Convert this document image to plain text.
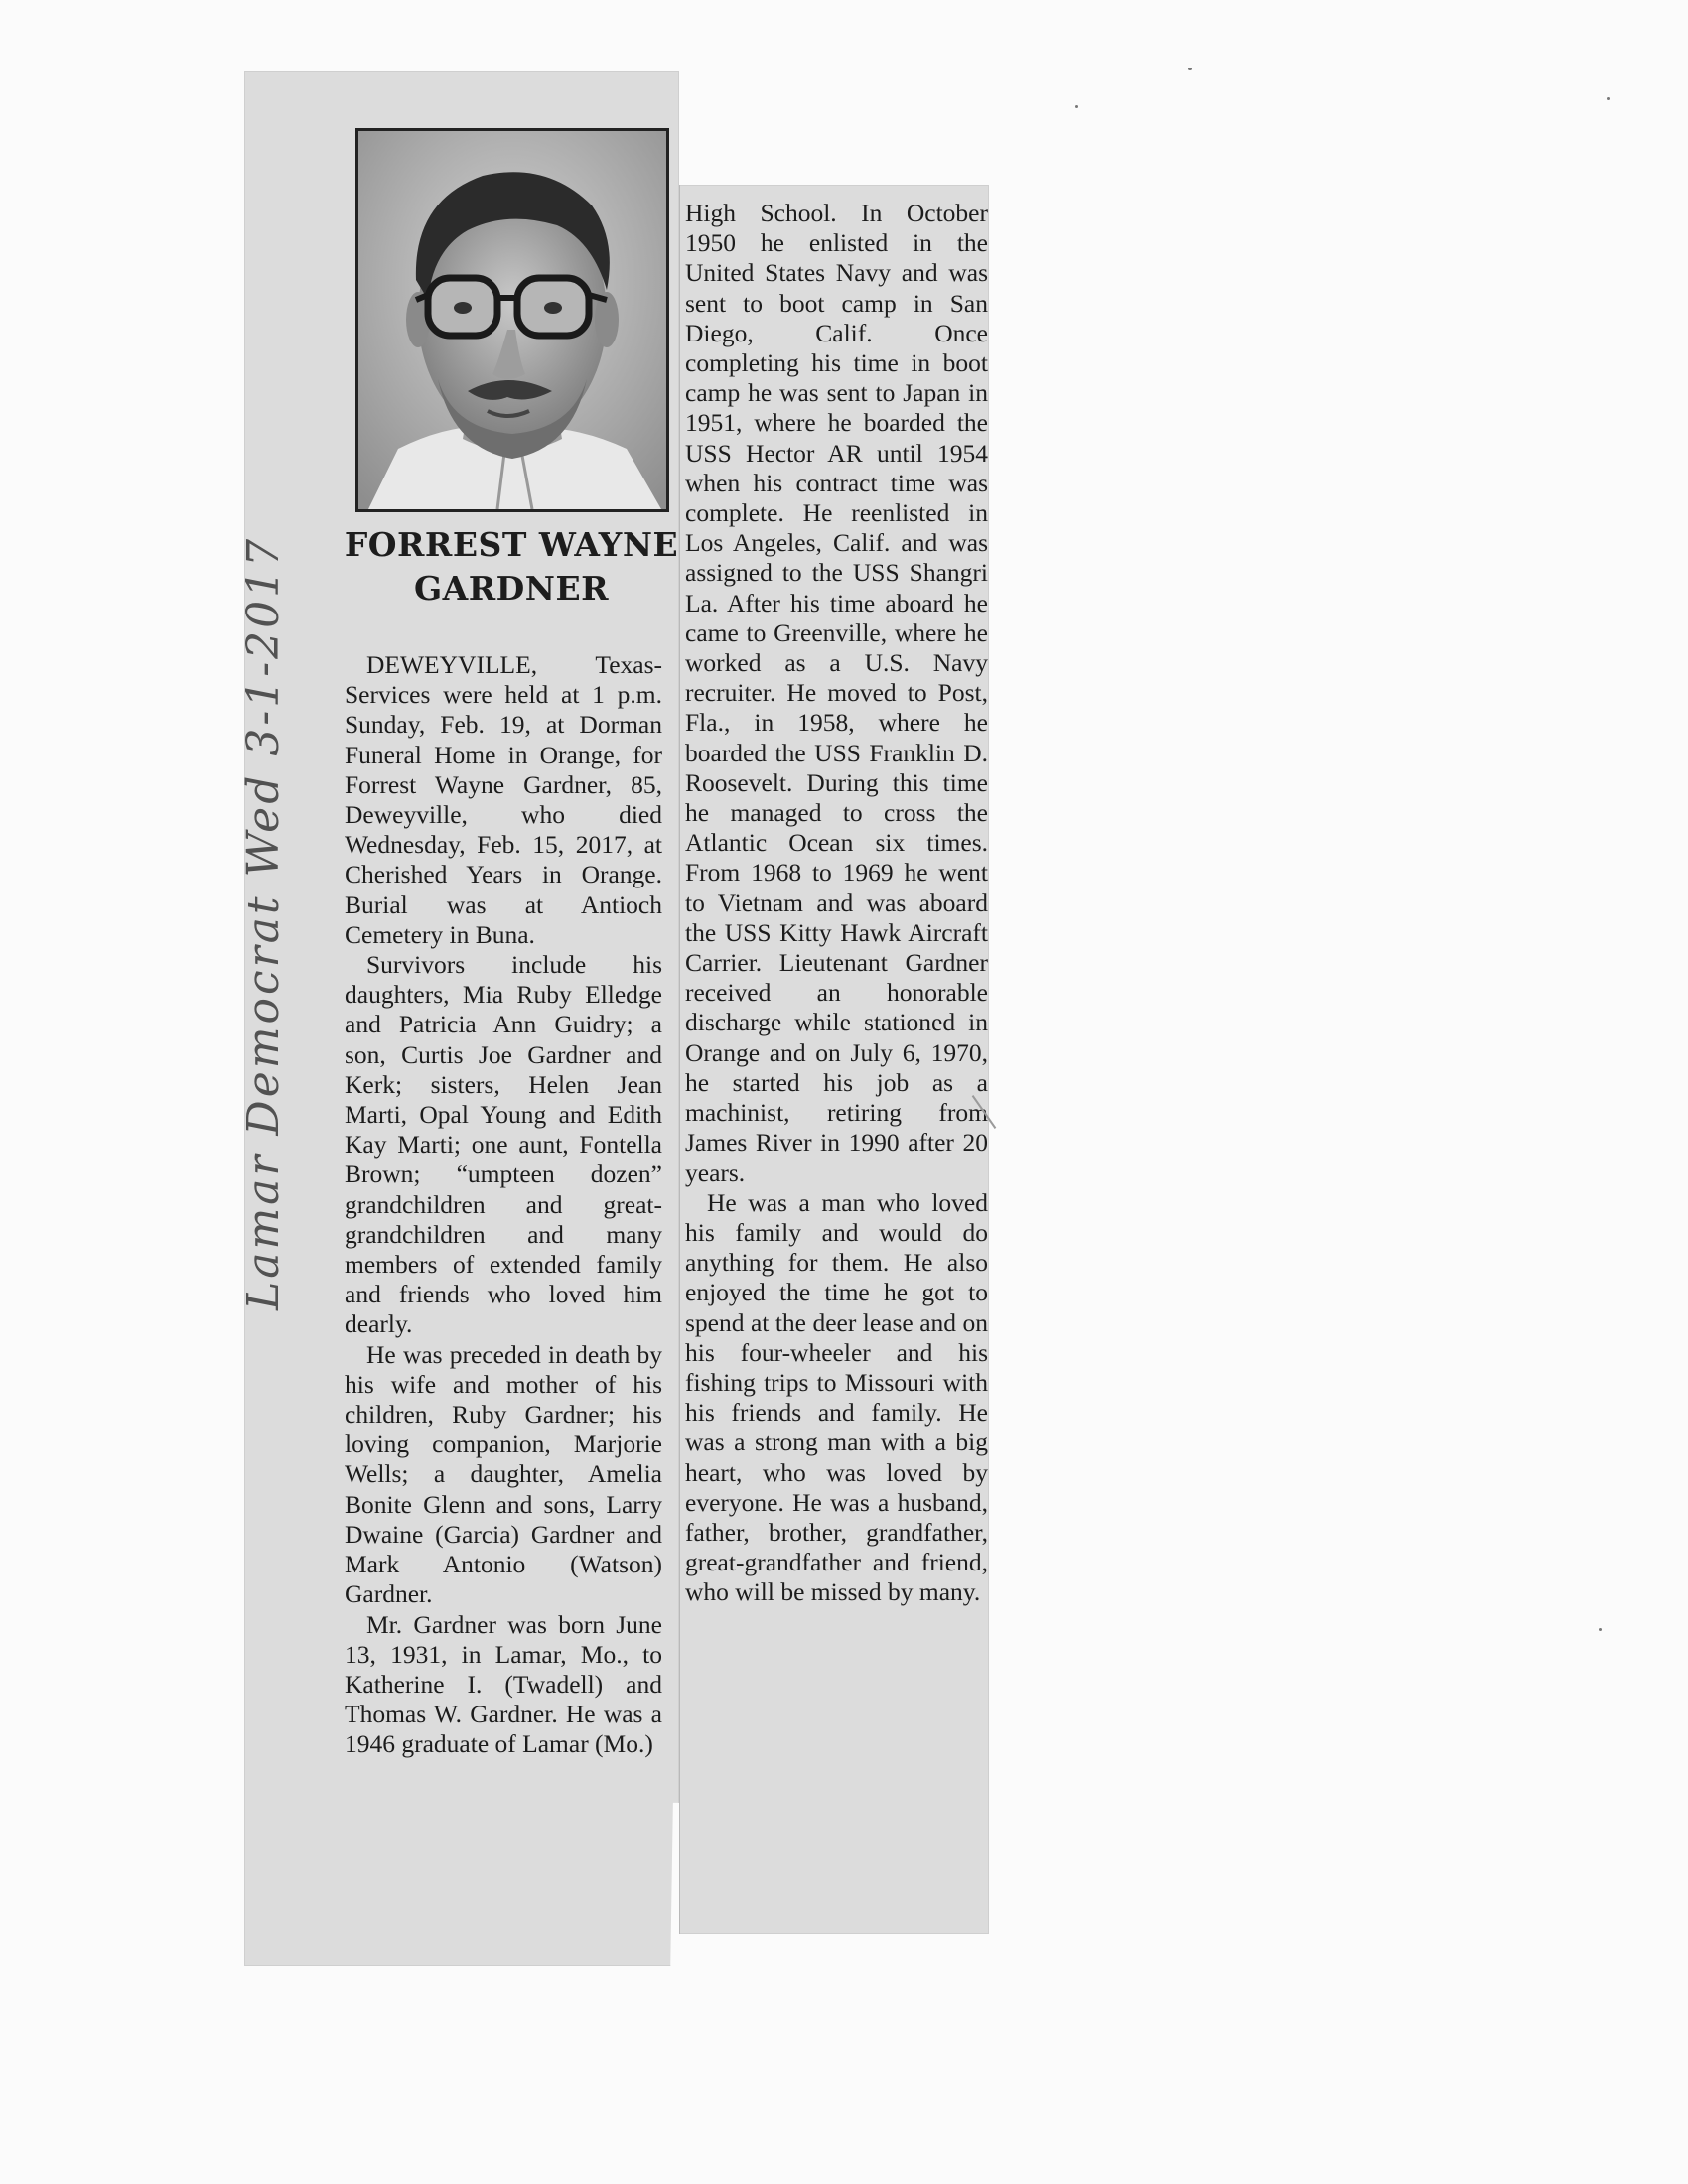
FORREST WAYNE
GARDNER

DEWEYVILLE, Texas- Services were held at 1 p.m. Sunday, Feb. 19, at Dorman Funeral Home in Orange, for Forrest Wayne Gardner, 85, Deweyville, who died Wednesday, Feb. 15, 2017, at Cherished Years in Orange. Burial was at Antioch Cemetery in Buna.

Survivors include his daughters, Mia Ruby Elledge and Patricia Ann Guidry; a son, Curtis Joe Gardner and Kerk; sisters, Helen Jean Marti, Opal Young and Edith Kay Marti; one aunt, Fontella Brown; “umpteen dozen” grandchildren and great-grandchildren and many members of extended family and friends who loved him dearly.

He was preceded in death by his wife and mother of his children, Ruby Gardner; his loving companion, Marjorie Wells; a daughter, Amelia Bonite Glenn and sons, Larry Dwaine (Garcia) Gardner and Mark Antonio (Watson) Gardner.

Mr. Gardner was born June 13, 1931, in Lamar, Mo., to Katherine I. (Twadell) and Thomas W. Gardner. He was a 1946 graduate of Lamar (Mo.)

High School. In October 1950 he enlisted in the United States Navy and was sent to boot camp in San Diego, Calif. Once completing his time in boot camp he was sent to Japan in 1951, where he boarded the USS Hector AR until 1954 when his contract time was complete. He reenlisted in Los Angeles, Calif. and was assigned to the USS Shangri La. After his time aboard he came to Greenville, where he worked as a U.S. Navy recruiter. He moved to Post, Fla., in 1958, where he boarded the USS Franklin D. Roosevelt. During this time he managed to cross the Atlantic Ocean six times. From 1968 to 1969 he went to Vietnam and was aboard the USS Kitty Hawk Aircraft Carrier. Lieutenant Gardner received an honorable discharge while stationed in Orange and on July 6, 1970, he started his job as a machinist, retiring from James River in 1990 after 20 years.

He was a man who loved his family and would do anything for them. He also enjoyed the time he got to spend at the deer lease and on his four-wheeler and his fishing trips to Missouri with his friends and family. He was a strong man with a big heart, who was loved by everyone. He was a husband, father, brother, grandfather, great-grandfather and friend, who will be missed by many.

Lamar Democrat Wed 3-1-2017
